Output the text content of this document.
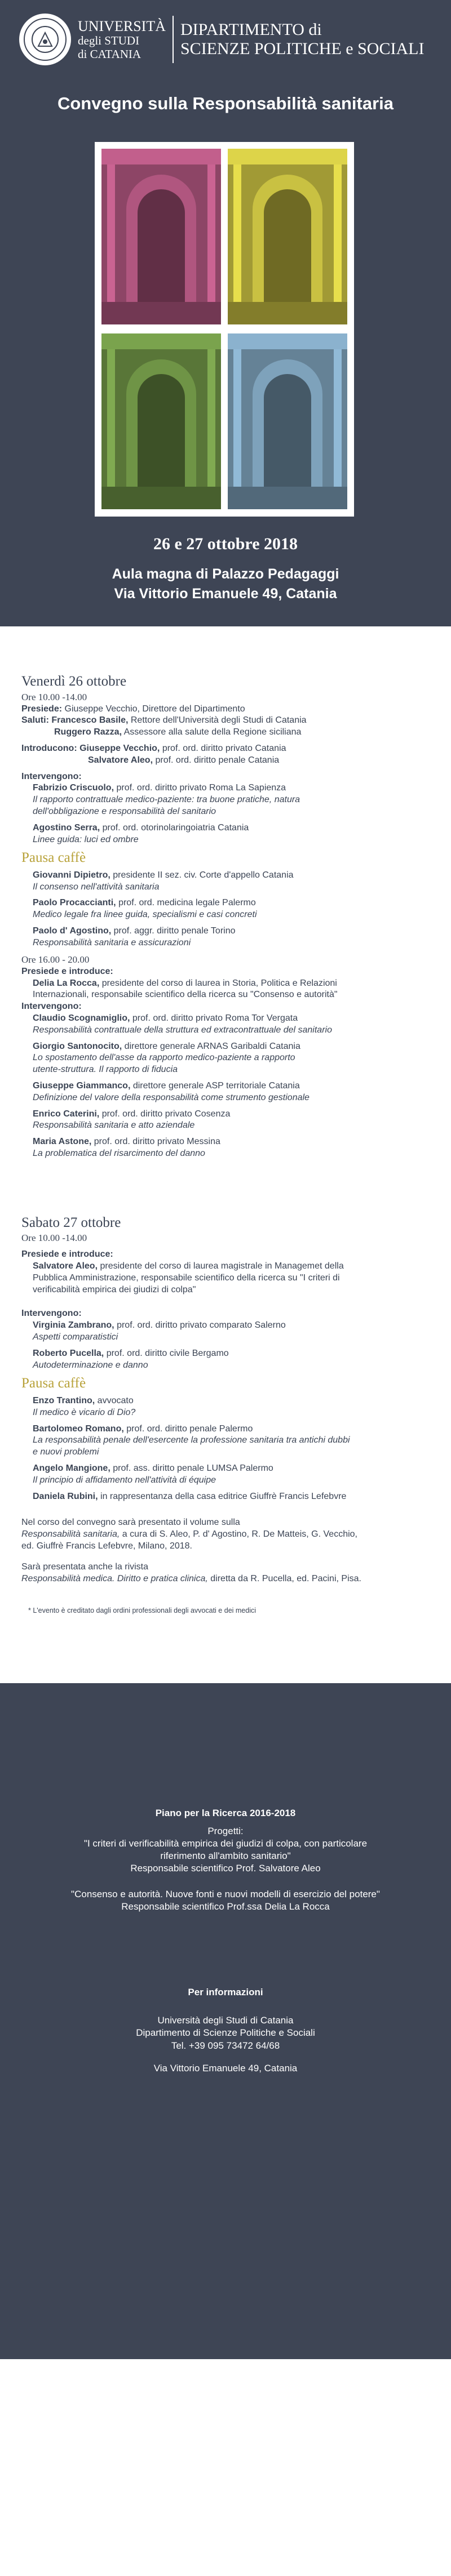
UNIVERSITÀ
degli STUDI
di CATANIA
DIPARTIMENTO di
SCIENZE POLITICHE e SOCIALI
Convegno sulla Responsabilità sanitaria
26 e 27 ottobre 2018
Aula magna di Palazzo Pedagaggi
Via Vittorio Emanuele 49, Catania
Venerdì 26 ottobre
Ore 10.00 -14.00
Presiede: Giuseppe Vecchio, Direttore del Dipartimento
Saluti: Francesco Basile, Rettore dell'Università degli Studi di Catania
Ruggero Razza, Assessore alla salute della Regione siciliana
Introducono: Giuseppe Vecchio, prof. ord. diritto privato Catania
Salvatore Aleo, prof. ord. diritto penale Catania
Intervengono:
Fabrizio Criscuolo, prof. ord. diritto privato Roma La Sapienza
Il rapporto contrattuale medico-paziente: tra buone pratiche, natura
dell'obbligazione e responsabilità del sanitario
Agostino Serra, prof. ord. otorinolaringoiatria Catania
Linee guida: luci ed ombre
Pausa caffè
Giovanni Dipietro, presidente II sez. civ. Corte d'appello Catania
Il consenso nell'attività sanitaria
Paolo Procaccianti, prof. ord. medicina legale Palermo
Medico legale fra linee guida, specialismi e casi concreti
Paolo d' Agostino, prof. aggr. diritto penale Torino
Responsabilità sanitaria e assicurazioni
Ore 16.00 - 20.00
Presiede e introduce:
Delia La Rocca, presidente del corso di laurea in Storia, Politica e Relazioni
Internazionali, responsabile scientifico della ricerca su "Consenso e autorità"
Intervengono:
Claudio Scognamiglio, prof. ord. diritto privato Roma Tor Vergata
Responsabilità contrattuale della struttura ed extracontrattuale del sanitario
Giorgio Santonocito, direttore generale ARNAS Garibaldi Catania
Lo spostamento dell'asse da rapporto medico-paziente a rapporto
utente-struttura. Il rapporto di fiducia
Giuseppe Giammanco, direttore generale ASP territoriale Catania
Definizione del valore della responsabilità come strumento gestionale
Enrico Caterini, prof. ord. diritto privato Cosenza
Responsabilità sanitaria e atto aziendale
Maria Astone, prof. ord. diritto privato Messina
La problematica del risarcimento del danno
Sabato 27 ottobre
Ore 10.00 -14.00
Presiede e introduce:
Salvatore Aleo, presidente del corso di laurea magistrale in Managemet della
Pubblica Amministrazione, responsabile scientifico della ricerca su "I criteri di
verificabilità empirica dei giudizi di colpa"
Intervengono:
Virginia Zambrano, prof. ord. diritto privato comparato Salerno
Aspetti comparatistici
Roberto Pucella, prof. ord. diritto civile Bergamo
Autodeterminazione e danno
Pausa caffè
Enzo Trantino, avvocato
Il medico è vicario di Dio?
Bartolomeo Romano, prof. ord. diritto penale Palermo
La responsabilità penale dell'esercente la professione sanitaria tra antichi dubbi
e nuovi problemi
Angelo Mangione, prof. ass. diritto penale LUMSA Palermo
Il principio di affidamento nell'attività di équipe
Daniela Rubini, in rappresentanza della casa editrice Giuffrè Francis Lefebvre
Nel corso del convegno sarà presentato il volume sulla
Responsabilità sanitaria, a cura di S. Aleo, P. d' Agostino, R. De Matteis, G. Vecchio,
ed. Giuffrè Francis Lefebvre, Milano, 2018.
Sarà presentata anche la rivista
Responsabilità medica. Diritto e pratica clinica, diretta da R. Pucella, ed. Pacini, Pisa.
* L'evento è creditato dagli ordini professionali degli avvocati e dei medici

Piano per la Ricerca 2016-2018

Progetti:

"I criteri di verificabilità empirica dei giudizi di colpa, con particolare

riferimento all'ambito sanitario"

Responsabile scientifico Prof. Salvatore Aleo

"Consenso e autorità. Nuove fonti e nuovi modelli di esercizio del potere"

Responsabile scientifico Prof.ssa Delia La Rocca

Per informazioni

Università degli Studi di Catania

Dipartimento di Scienze Politiche e Sociali

Tel. +39 095 73472 64/68

Via Vittorio Emanuele 49, Catania
